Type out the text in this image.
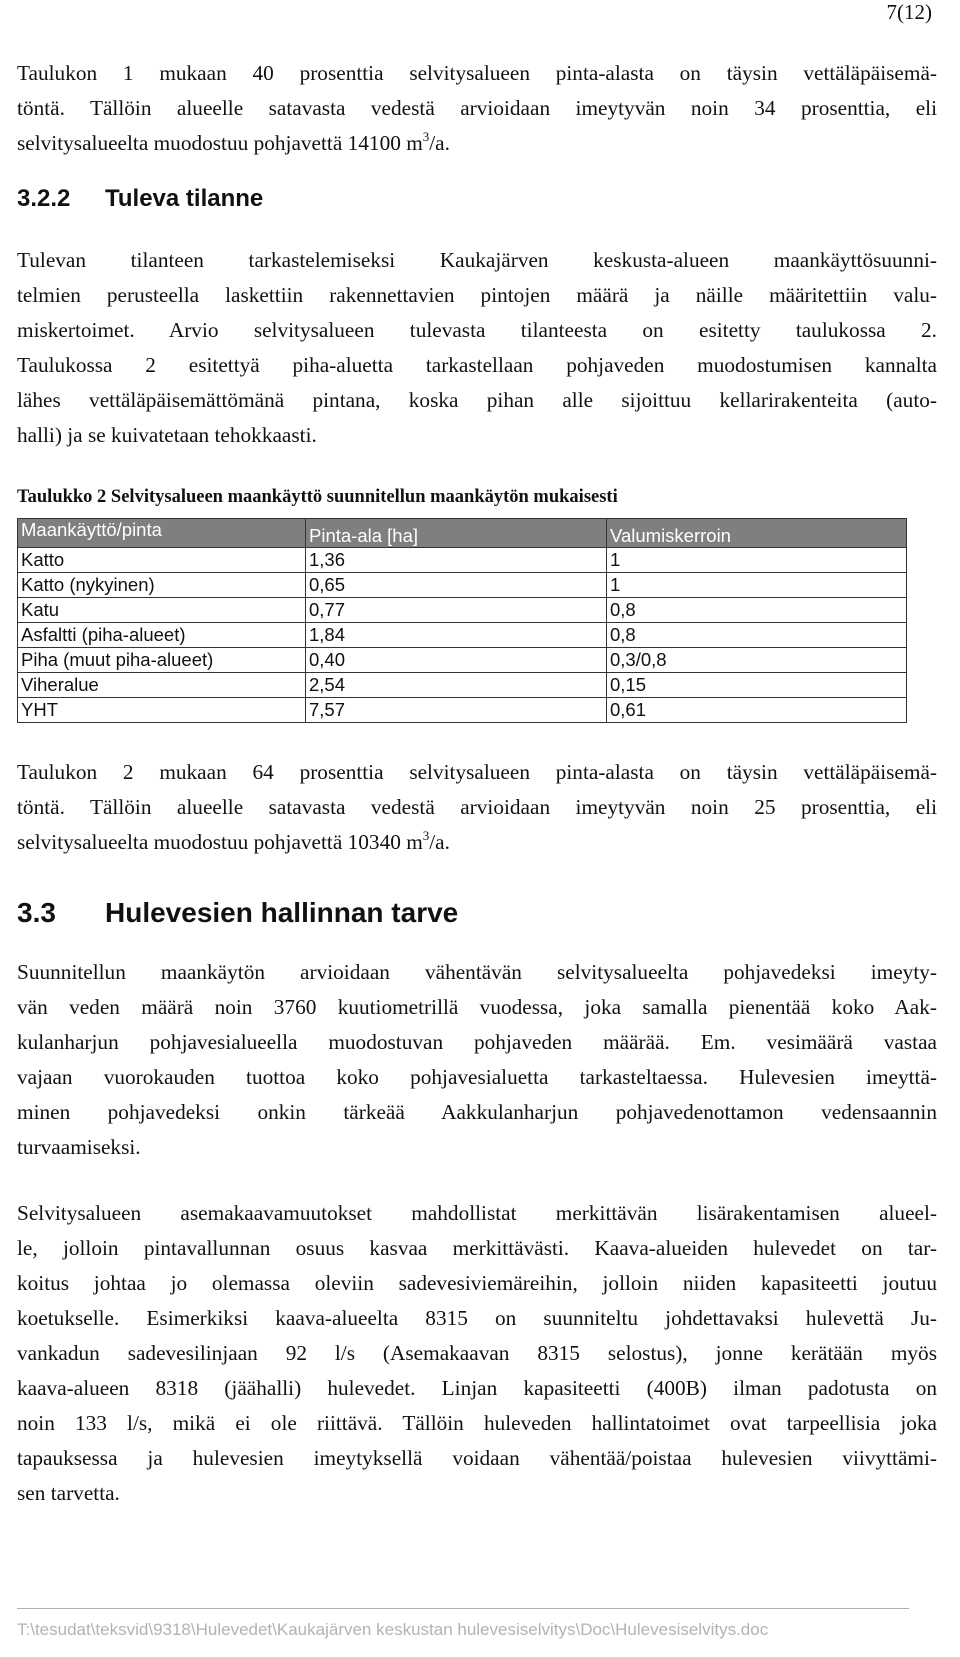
7(12)
Taulukon 1 mukaan 40 prosenttia selvitysalueen pinta-alasta on täysin vettäläpäisemä-
töntä. Tällöin alueelle satavasta vedestä arvioidaan imeytyvän noin 34 prosenttia, eli
selvitysalueelta muodostuu pohjavettä 14100 $m^3/a$.
3.2.2 Tuleva tilanne
Tulevan tilanteen tarkastelemiseksi Kaukajärven keskusta-alueen maankäyttösuunni-
telmien perusteella laskettiin rakennettavien pintojen määrä ja näille määritettiin valu-
miskertoimet. Arvio selvitysalueen tulevasta tilanteesta on esitetty taulukossa 2.
Taulukossa 2 esitettyä piha-aluetta tarkastellaan pohjaveden muodostumisen kannalta
lähes vettäläpäisemättömänä pintana, koska pihan alle sijoittuu kellarirakenteita (auto-
halli) ja se kuivatetaan tehokkaasti.
Taulukko 2 Selvitysalueen maankäyttö suunnitellun maankäytön mukaisesti
Maankäyttö/pinta	Pinta-ala [ha]	Valumiskerroin
Katto	1,36	1
Katto (nykyinen)	0,65	1
Katu	0,77	0,8
Asfaltti (piha-alueet)	1,84	0,8
Piha (muut piha-alueet)	0,40	0,3/0,8
Viheralue	2,54	0,15
YHT	7,57	0,61
Taulukon 2 mukaan 64 prosenttia selvitysalueen pinta-alasta on täysin vettäläpäisemä-
töntä. Tällöin alueelle satavasta vedestä arvioidaan imeytyvän noin 25 prosenttia, eli
selvitysalueelta muodostuu pohjavettä 10340 $m^3/a$.
3.3 Hulevesien hallinnan tarve
Suunnitellun maankäytön arvioidaan vähentävän selvitysalueelta pohjavedeksi imeyty-
vän veden määrä noin 3760 kuutiometrillä vuodessa, joka samalla pienentää koko Aak-
kulanharjun pohjavesialueella muodostuvan pohjaveden määrää. Em. vesimäärä vastaa
vajaan vuorokauden tuottoa koko pohjavesialuetta tarkasteltaessa. Hulevesien imeyttä-
minen pohjavedeksi onkin tärkeää Aakkulanharjun pohjavedenottamon vedensaannin
turvaamiseksi.
Selvitysalueen asemakaavamuutokset mahdollistat merkittävän lisärakentamisen alueel-
le, jolloin pintavallunnan osuus kasvaa merkittävästi. Kaava-alueiden hulevedet on tar-
koitus johtaa jo olemassa oleviin sadevesiviemäreihin, jolloin niiden kapasiteetti joutuu
koetukselle. Esimerkiksi kaava-alueelta 8315 on suunniteltu johdettavaksi hulevettä Ju-
vankadun sadevesilinjaan 92 l/s (Asemakaavan 8315 selostus), jonne kerätään myös
kaava-alueen 8318 (jäähalli) hulevedet. Linjan kapasiteetti (400B) ilman padotusta on
noin 133 l/s, mikä ei ole riittävä. Tällöin huleveden hallintatoimet ovat tarpeellisia joka
tapauksessa ja hulevesien imeytyksellä voidaan vähentää/poistaa hulevesien viivyttämi-
sen tarvetta.
T:\tesudat\teksvid\9318\Hulevedet\Kaukajärven keskustan hulevesiselvitys\Doc\Hulevesiselvitys.doc
